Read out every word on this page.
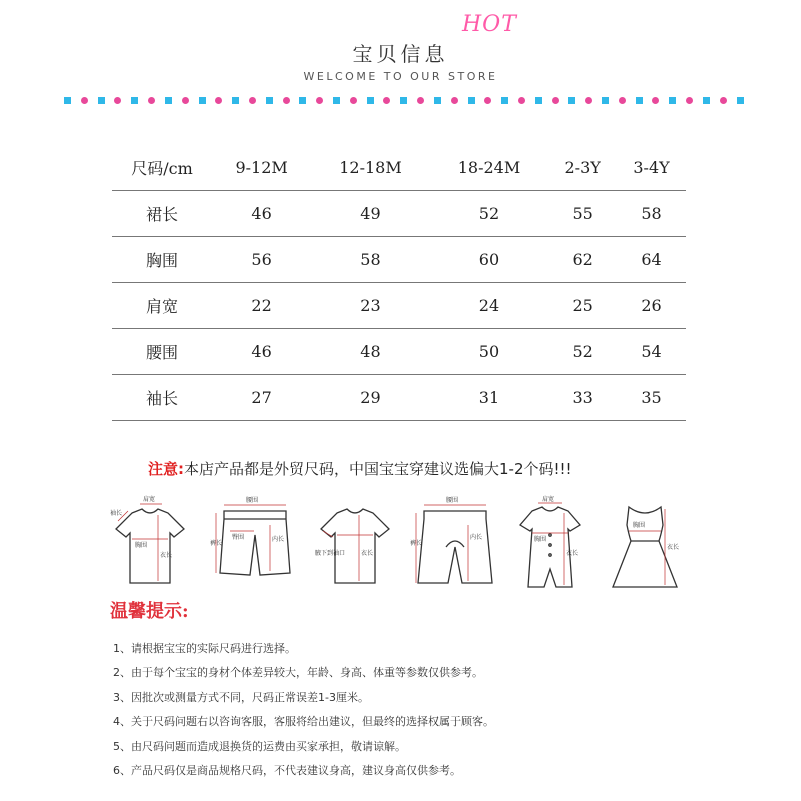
HOT
宝贝信息
WELCOME TO OUR STORE
尺码/cm	9-12M	12-18M	18-24M	2-3Y	3-4Y
裙长	46	49	52	55	58
胸围	56	58	60	62	64
肩宽	22	23	24	25	26
腰围	46	48	50	52	54
袖长	27	29	31	33	35
注意:本店产品都是外贸尺码，中国宝宝穿建议选偏大1-2个码!!!
肩宽
胸围
衣长
袖长
腰围
裤长
臀围	内长
衣长
腋下到袖口
腰围
裤长
内长
肩宽
胸围
衣长
胸围
衣长
温馨提示:
1、请根据宝宝的实际尺码进行选择。
2、由于每个宝宝的身材个体差异较大，年龄、身高、体重等参数仅供参考。
3、因批次或测量方式不同，尺码正常误差1-3厘米。
4、关于尺码问题右以咨询客服，客服将给出建议，但最终的选择权属于顾客。
5、由尺码问题而造成退换货的运费由买家承担，敬请谅解。
6、产品尺码仅是商品规格尺码，不代表建议身高，建议身高仅供参考。
